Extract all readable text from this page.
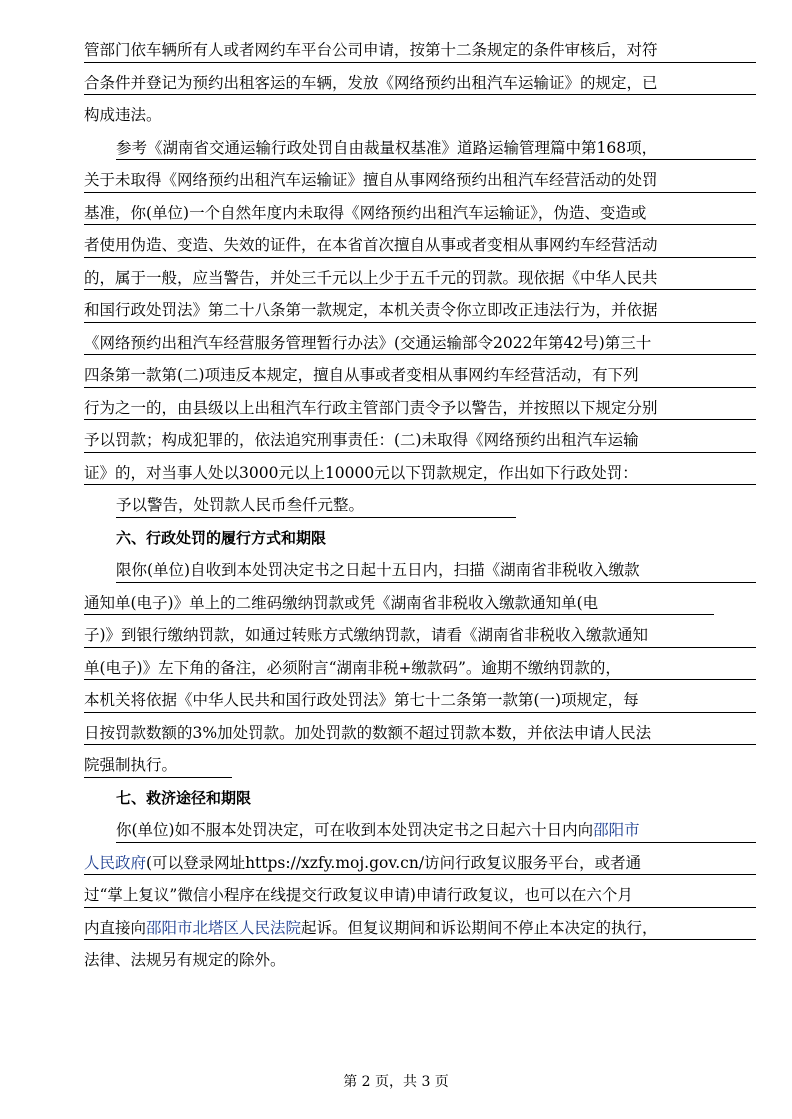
管部门依车辆所有人或者网约车平台公司申请，按第十二条规定的条件审核后，对符
合条件并登记为预约出租客运的车辆，发放《网络预约出租汽车运输证》的规定，已
构成违法。
参考《湖南省交通运输行政处罚自由裁量权基准》道路运输管理篇中第168项，
关于未取得《网络预约出租汽车运输证》擅自从事网络预约出租汽车经营活动的处罚
基准，你(单位)一个自然年度内未取得《网络预约出租汽车运输证》，伪造、变造或
者使用伪造、变造、失效的证件，在本省首次擅自从事或者变相从事网约车经营活动
的，属于一般，应当警告，并处三千元以上少于五千元的罚款。现依据《中华人民共
和国行政处罚法》第二十八条第一款规定，本机关责令你立即改正违法行为，并依据
《网络预约出租汽车经营服务管理暂行办法》(交通运输部令2022年第42号)第三十
四条第一款第(二)项违反本规定，擅自从事或者变相从事网约车经营活动，有下列
行为之一的，由县级以上出租汽车行政主管部门责令予以警告，并按照以下规定分别
予以罚款；构成犯罪的，依法追究刑事责任：(二)未取得《网络预约出租汽车运输
证》的，对当事人处以3000元以上10000元以下罚款规定，作出如下行政处罚：
予以警告，处罚款人民币叁仟元整。
六、行政处罚的履行方式和期限
限你(单位)自收到本处罚决定书之日起十五日内，扫描《湖南省非税收入缴款
通知单(电子)》单上的二维码缴纳罚款或凭《湖南省非税收入缴款通知单(电
子)》到银行缴纳罚款，如通过转账方式缴纳罚款，请看《湖南省非税收入缴款通知
单(电子)》左下角的备注，必须附言“湖南非税+缴款码”。逾期不缴纳罚款的，
本机关将依据《中华人民共和国行政处罚法》第七十二条第一款第(一)项规定，每
日按罚款数额的3%加处罚款。加处罚款的数额不超过罚款本数，并依法申请人民法
院强制执行。
七、救济途径和期限
你(单位)如不服本处罚决定，可在收到本处罚决定书之日起六十日内向邵阳市
人民政府(可以登录网址https://xzfy.moj.gov.cn/访问行政复议服务平台，或者通
过“掌上复议”微信小程序在线提交行政复议申请)申请行政复议，也可以在六个月
内直接向邵阳市北塔区人民法院起诉。但复议期间和诉讼期间不停止本决定的执行，
法律、法规另有规定的除外。
第 2 页，共 3 页
